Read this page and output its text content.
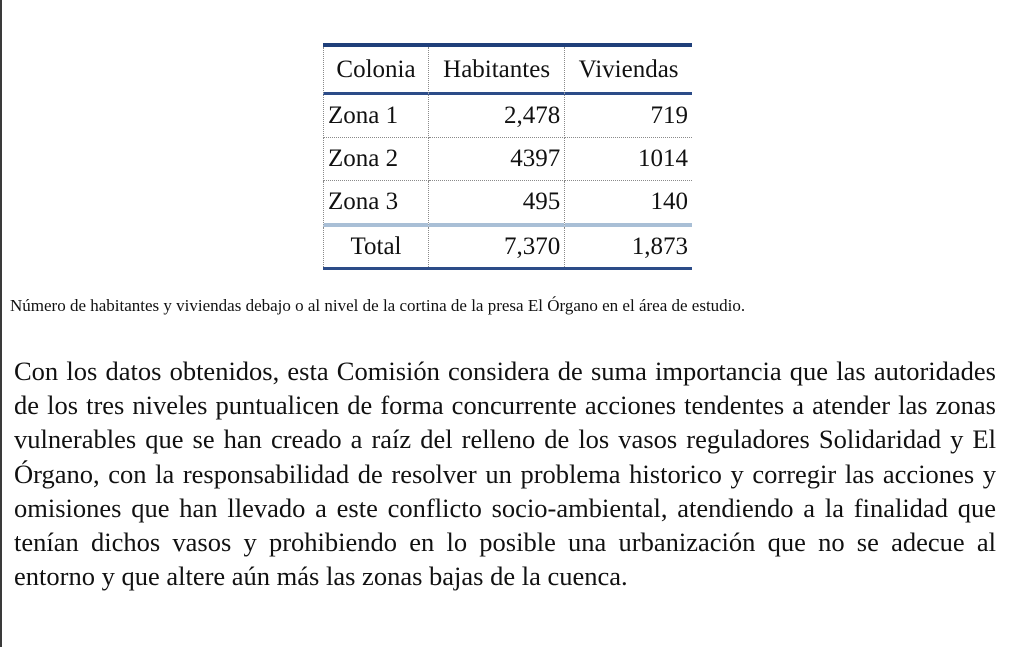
Colonia	Habitantes	Viviendas
Zona 1	2,478	719
Zona 2	4397	1014
Zona 3	495	140
Total	7,370	1,873
Número de habitantes y viviendas debajo o al nivel de la cortina de la presa El Órgano en el área de estudio.

Con los datos obtenidos, esta Comisión considera de suma importancia que las autoridades de los tres niveles puntualicen de forma concurrente acciones tendentes a atender las zonas vulnerables que se han creado a raíz del relleno de los vasos reguladores Solidaridad y El Órgano, con la responsabilidad de resolver un problema historico y corregir las acciones y omisiones que han llevado a este conflicto socio-ambiental, atendiendo a la finalidad que tenían dichos vasos y prohibiendo en lo posible una urbanización que no se adecue al entorno y que altere aún más las zonas bajas de la cuenca.
